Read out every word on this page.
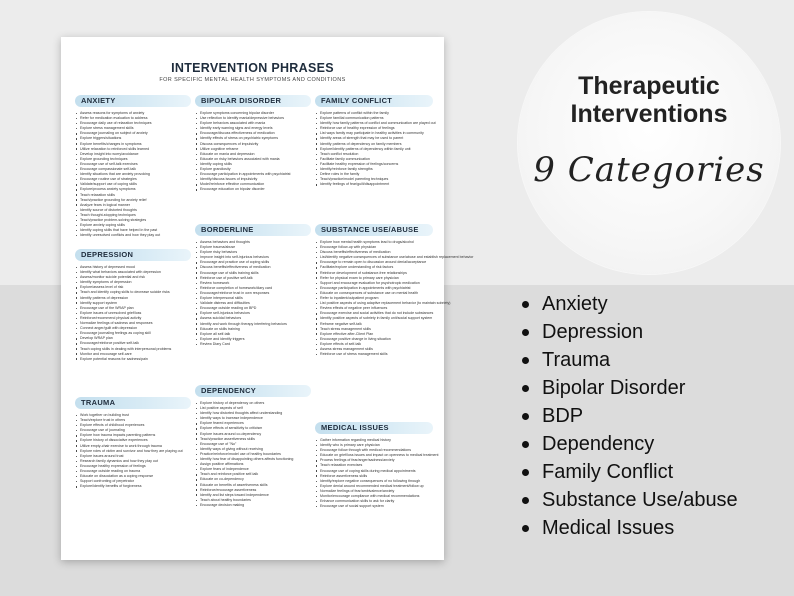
INTERVENTION PHRASES
FOR SPECIFIC MENTAL HEALTH SYMPTOMS AND CONDITIONS
ANXIETY
Assess reasons for symptoms of anxiety
Refer for medication evaluation to address
Encourage daily use of relaxation techniques
Explore stress management skills
Encourage journaling on subject of anxiety
Explore triggers/situations
Explore benefits/changes in symptoms
Utilize relaxation to reinforced skills learned
Develop insight into worry/avoidance
Explore grounding techniques
Encourage use of self-talk exercises
Encourage compassionate self-talk
Identify situations that are anxiety provoking
Encourage routine use of strategies
Validate/support use of coping skills
Explore/process anxiety symptoms
Teach relaxation skills
Teach/practice grounding for anxiety relief
Analyze fears in logical manner
Identify source of distorted thoughts
Teach thought-stopping techniques
Teach/practice problem-solving strategies
Explore anxiety coping skills
Identify coping skills that have helped in the past
Identify unresolved conflicts and how they play out
DEPRESSION
Assess history of depressed mood
Identify what behaviors associated with depression
Assess/monitor suicide potential and risk
Identify symptoms of depression
Explore/assess level of risk
Teach and identify coping skills to decrease suicide risks
Identify patterns of depression
Identify support system
Encourage use of the WRAP plan
Explore issues of unresolved grief/loss
Reinforce/recommend physical activity
Normalize feelings of sadness and responses
Connect anger/guilt with depression
Encourage journaling feelings as coping skill
Develop WRAP plan
Encourage/reinforce positive self-talk
Teach coping skills in dealing with interpersonal problems
Monitor and encourage self-care
Explore potential reasons for sadness/pain
TRAUMA
Work together on building trust
Teach/explore trust in others
Explore effects of childhood experiences
Encourage use of journaling
Explore how trauma impacts parenting patterns
Explore history of dissociative experiences
Utilize empty-chair exercise to work through trauma
Explore roles of victim and survivor and how they are playing out
Explore issues around trust
Research family dynamics and how they play out
Encourage healthy expression of feelings
Encourage outside reading on trauma
Educate on dissociation as a coping response
Support confronting of perpetrator
Explore/identify benefits of forgiveness
BIPOLAR DISORDER
Explore symptoms concerning bipolar disorder
Use reflection to identify mania/depressive behaviors
Explore behaviors associated with mania
Identify early warning signs and energy levels
Encourage/discuss effectiveness of medication
Identify effects of stress on psychiatric symptoms
Discuss consequences of impulsivity
Utilize cognitive reframe
Educate on mania and depression
Educate on risky behaviors associated with mania
Identify coping skills
Explore grandiosity
Encourage participation in appointments with psychiatrist
Identify/discuss issues of impulsivity
Model/reinforce effective communication
Encourage education on bipolar disorder
BORDERLINE
Assess behaviors and thoughts
Explore trauma/abuse
Explore risky behaviors
Improve insight into self-injurious behaviors
Encourage and practice use of coping skills
Discuss benefits/effectiveness of medication
Encourage use of skills training skills
Reinforce use of positive self-talk
Review homework
Reinforce completion of homework/diary card
Encourage/reinforce trust in own responses
Explore interpersonal skills
Validate distress and difficulties
Encourage outside reading on BPD
Explore self-injurious behaviors
Assess suicidal behaviors
Identify and work through therapy interfering behaviors
Educate on skills training
Explore all self-talk
Explore and identify triggers
Review Diary Card
DEPENDENCY
Explore history of dependency on others
List positive aspects of self
Identify how distorted thoughts affect understanding
Identify ways to increase independence
Explore feared experiences
Explore effects of sensitivity to criticism
Explore issues around co-dependency
Teach/practice assertiveness skills
Encourage use of "No"
Identify ways of giving without receiving
Practice/reinforce/model use of healthy boundaries
Identify how fear of disappointing others affects functioning
Assign positive affirmations
Explore fears of independence
Teach and reinforce positive self-talk
Educate on co-dependency
Educate on benefits of assertiveness skills
Reinforce/encourage assertiveness
Identify and list steps toward independence
Teach about healthy boundaries
Encourage decision making
FAMILY CONFLICT
Explore patterns of conflict within the family
Explore familial communication patterns
Identify how family patterns of conflict and communication are played out
Reinforce use of healthy expression of feelings
List ways family may participate in healthy activities in community
Identify areas of strength that may be used to parent
Identify patterns of dependency on family members
Explore/identify patterns of dependency within family unit
Teach conflict resolution
Facilitate family communication
Facilitate healthy expression of feelings/concerns
Identify/reinforce family strengths
Define roles in the family
Teach/practice/model parenting techniques
Identify feelings of fear/guilt/disappointment
SUBSTANCE USE/ABUSE
Explore how mental health symptoms lead to drugs/alcohol
Encourage follow-up with physician
Discuss benefits/effectiveness of medication
List/identify negative consequences of substance use/abuse and establish replacement behavior
Encourage to remain open to discussion around denial/acceptance
Facilitate/explore understanding of risk factors
Reinforce development of substance-free relationships
Refer for physical exam to primary care physician
Support and encourage evaluation for psychotropic medication
Encourage participation in appointments with psychiatrist
Educate on consequences of substance use on mental health
Refer to inpatient/outpatient program
List positive aspects of using adaptive replacement behavior (to maintain sobriety)
Review effects of negative peer influences
Encourage exercise and social activities that do not include substances
Identify positive aspects of sobriety in family unit/social support system
Reframe negative self-talk
Teach stress management skills
Explore effective after-Client Plan
Encourage positive change in living situation
Explore effects of self-talk
Assess stress management skills
Reinforce use of stress management skills
MEDICAL ISSUES
Gather information regarding medical history
Identify who is primary care physician
Encourage follow through with medical recommendations
Educate on grief/loss issues and impact on openness to medical treatment
Process feelings of fear/anger/sadness/anxiety
Teach relaxation exercises
Encourage use of coping skills during medical appointments
Reinforce assertiveness skills
Identify/explore negative consequences of no following through
Explore denial around recommended medical treatment/follow up
Normalize feelings of fear/ambivalence/anxiety
Monitor/encourage compliance with medical recommendations
Enhance communication skills to ask for clarity
Encourage use of social support system
Therapeutic
Interventions
9 Categories
Anxiety
Depression
Trauma
Bipolar Disorder
BDP
Dependency
Family Conflict
Substance Use/abuse
Medical Issues
